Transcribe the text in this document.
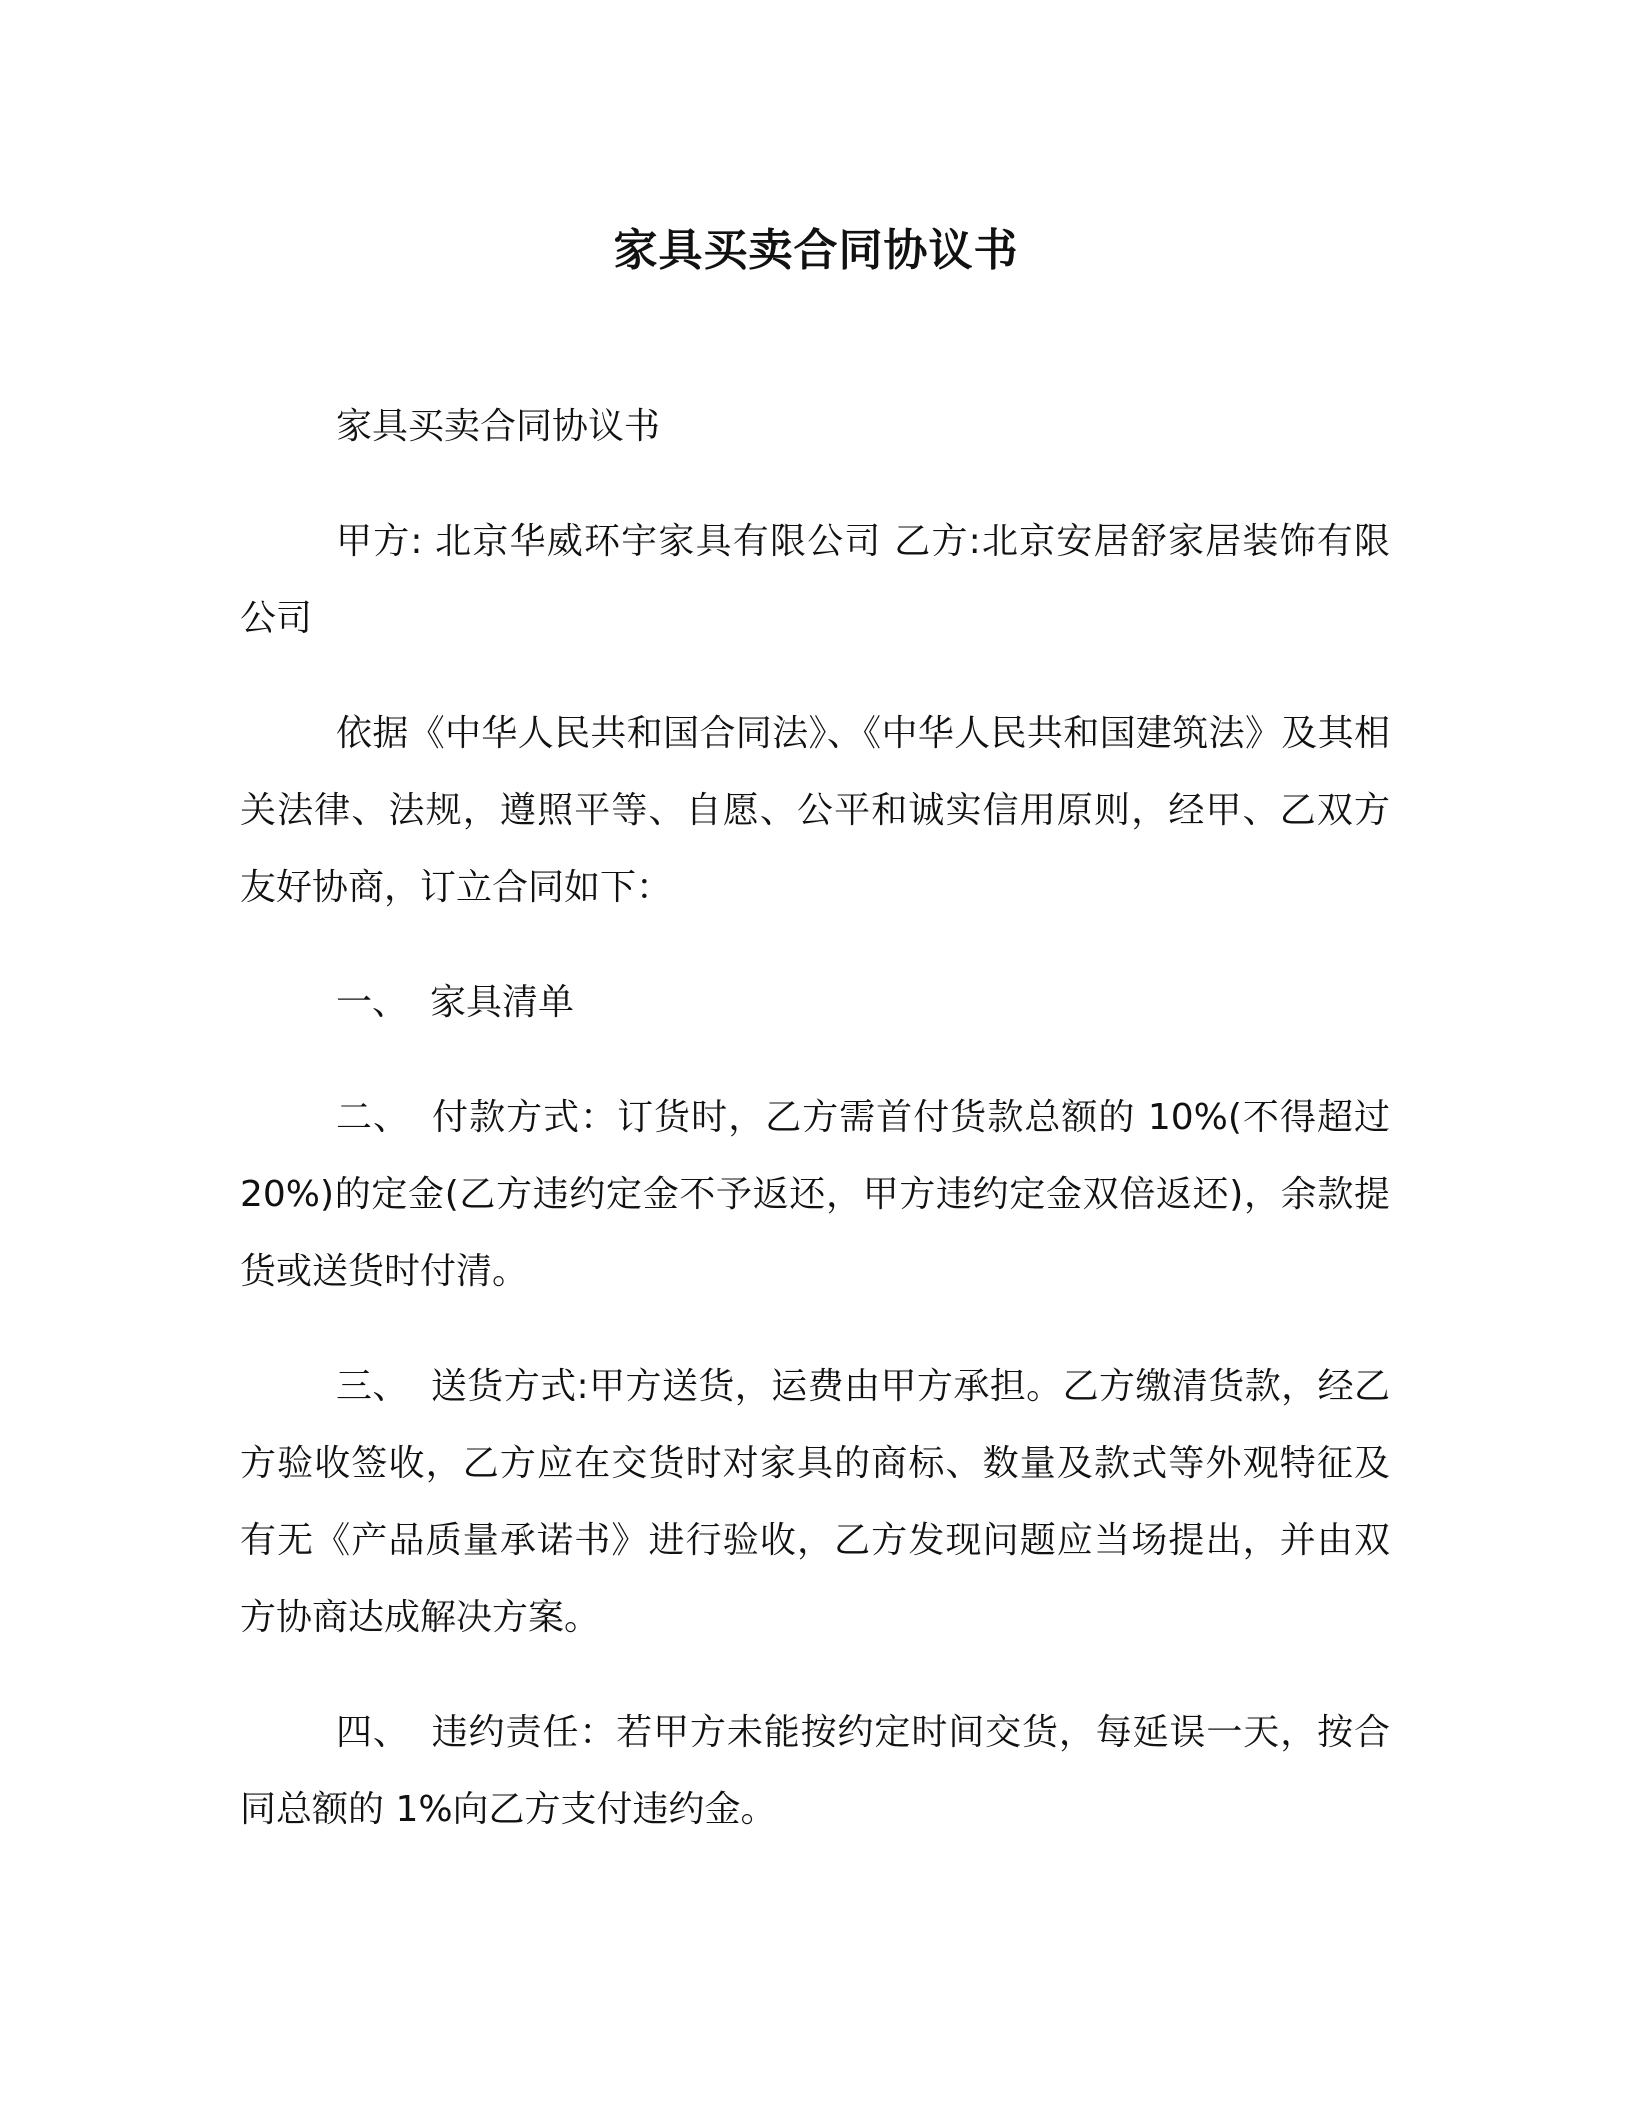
家具买卖合同协议书

家具买卖合同协议书

甲方: 北京华威环宇家具有限公司 乙方:北京安居舒家居装饰有限公司

依据《中华人民共和国合同法》、《中华人民共和国建筑法》及其相关法律、法规，遵照平等、自愿、公平和诚实信用原则，经甲、乙双方友好协商，订立合同如下：

一、 家具清单

二、 付款方式：订货时，乙方需首付货款总额的 10%(不得超过 20%)的定金(乙方违约定金不予返还，甲方违约定金双倍返还)，余款提货或送货时付清。

三、 送货方式:甲方送货，运费由甲方承担。乙方缴清货款，经乙方验收签收，乙方应在交货时对家具的商标、数量及款式等外观特征及有无《产品质量承诺书》进行验收，乙方发现问题应当场提出，并由双方协商达成解决方案。

四、 违约责任：若甲方未能按约定时间交货，每延误一天，按合同总额的 1%向乙方支付违约金。
